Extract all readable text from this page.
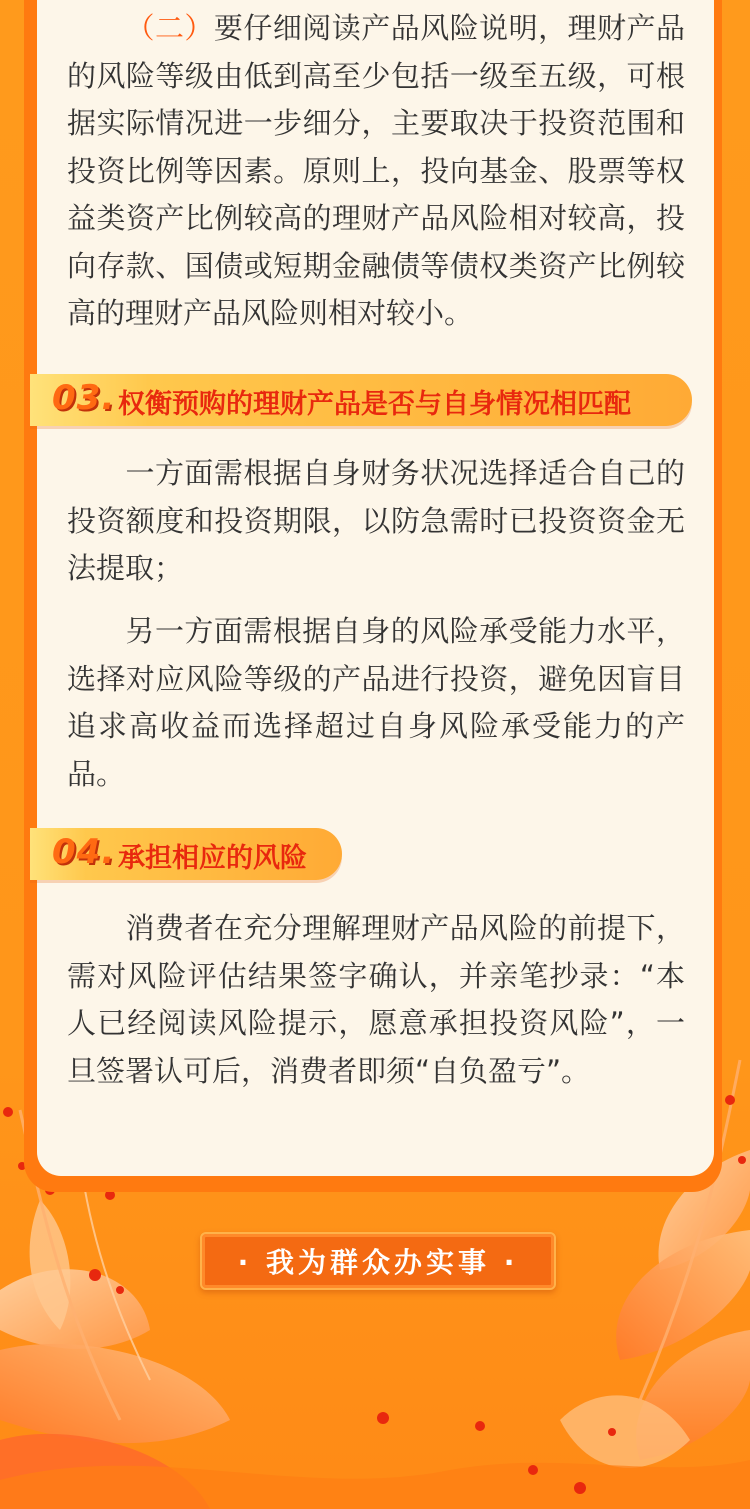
（二）要仔细阅读产品风险说明，理财产品的风险等级由低到高至少包括一级至五级，可根据实际情况进一步细分，主要取决于投资范围和投资比例等因素。原则上，投向基金、股票等权益类资产比例较高的理财产品风险相对较高，投向存款、国债或短期金融债等债权类资产比例较高的理财产品风险则相对较小。

03. 权衡预购的理财产品是否与自身情况相匹配

一方面需根据自身财务状况选择适合自己的投资额度和投资期限，以防急需时已投资资金无法提取；

另一方面需根据自身的风险承受能力水平，选择对应风险等级的产品进行投资，避免因盲目追求高收益而选择超过自身风险承受能力的产品。

04. 承担相应的风险

消费者在充分理解理财产品风险的前提下，需对风险评估结果签字确认，并亲笔抄录：“本人已经阅读风险提示，愿意承担投资风险”，一旦签署认可后，消费者即须“自负盈亏”。

· 我为群众办实事 ·
